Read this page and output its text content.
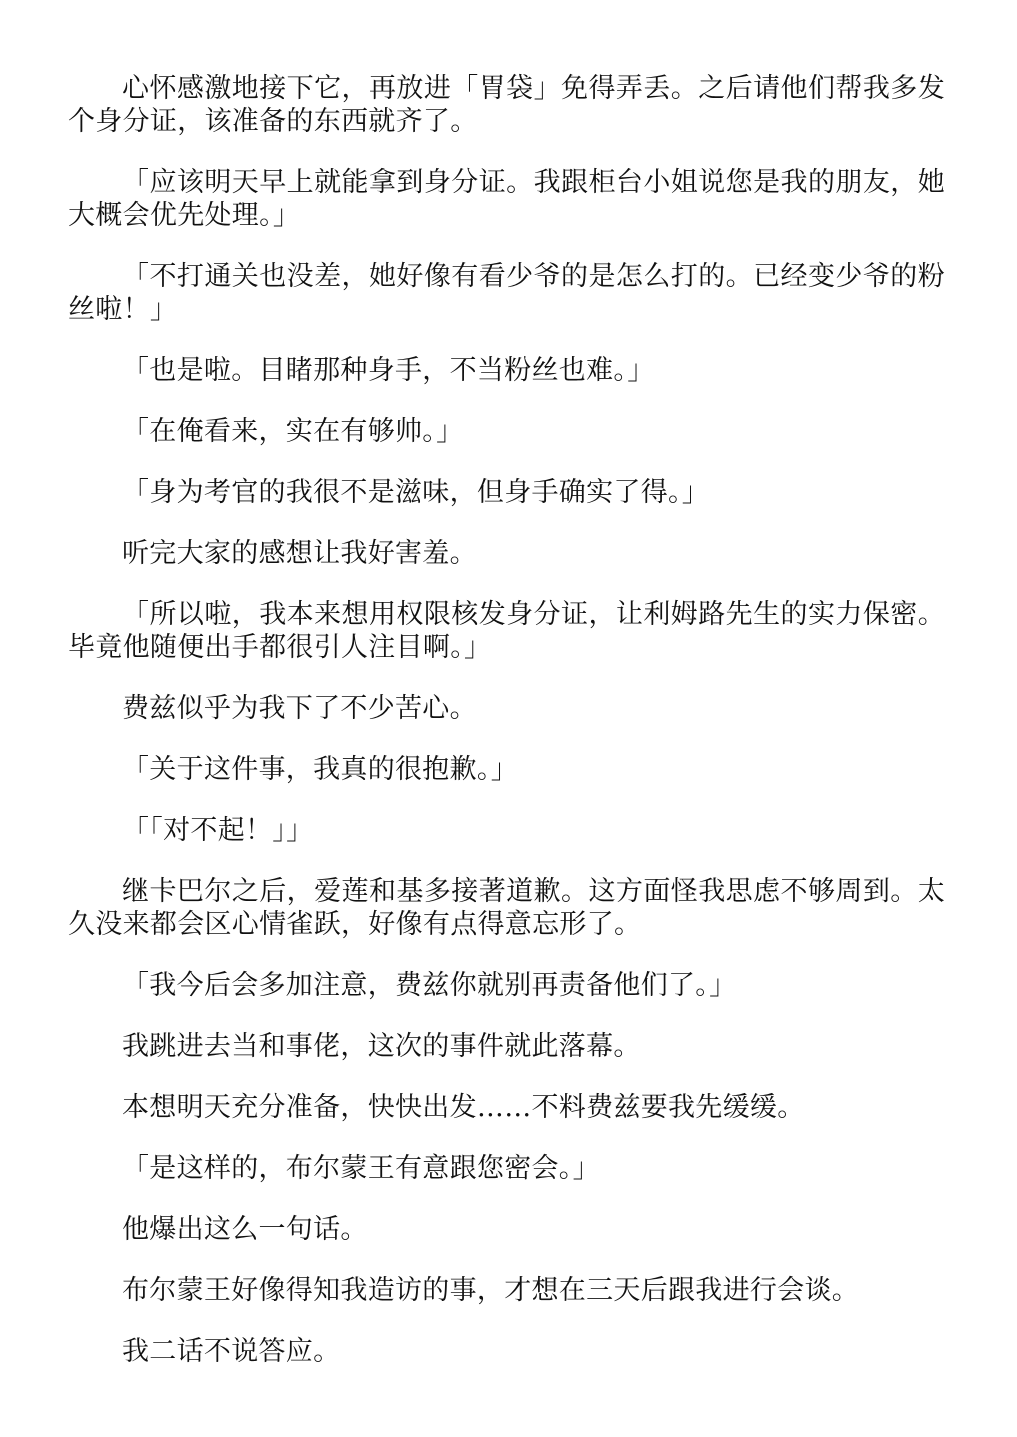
心怀感激地接下它，再放进「胃袋」免得弄丢。之后请他们帮我多发个身分证，该准备的东西就齐了。

「应该明天早上就能拿到身分证。我跟柜台小姐说您是我的朋友，她大概会优先处理。」

「不打通关也没差，她好像有看少爷的是怎么打的。已经变少爷的粉丝啦！」

「也是啦。目睹那种身手，不当粉丝也难。」

「在俺看来，实在有够帅。」

「身为考官的我很不是滋味，但身手确实了得。」

听完大家的感想让我好害羞。

「所以啦，我本来想用权限核发身分证，让利姆路先生的实力保密。毕竟他随便出手都很引人注目啊。」

费兹似乎为我下了不少苦心。

「关于这件事，我真的很抱歉。」

「「对不起！」」

继卡巴尔之后，爱莲和基多接著道歉。这方面怪我思虑不够周到。太久没来都会区心情雀跃，好像有点得意忘形了。

「我今后会多加注意，费兹你就别再责备他们了。」

我跳进去当和事佬，这次的事件就此落幕。

本想明天充分准备，快快出发……不料费兹要我先缓缓。

「是这样的，布尔蒙王有意跟您密会。」

他爆出这么一句话。

布尔蒙王好像得知我造访的事，才想在三天后跟我进行会谈。

我二话不说答应。
